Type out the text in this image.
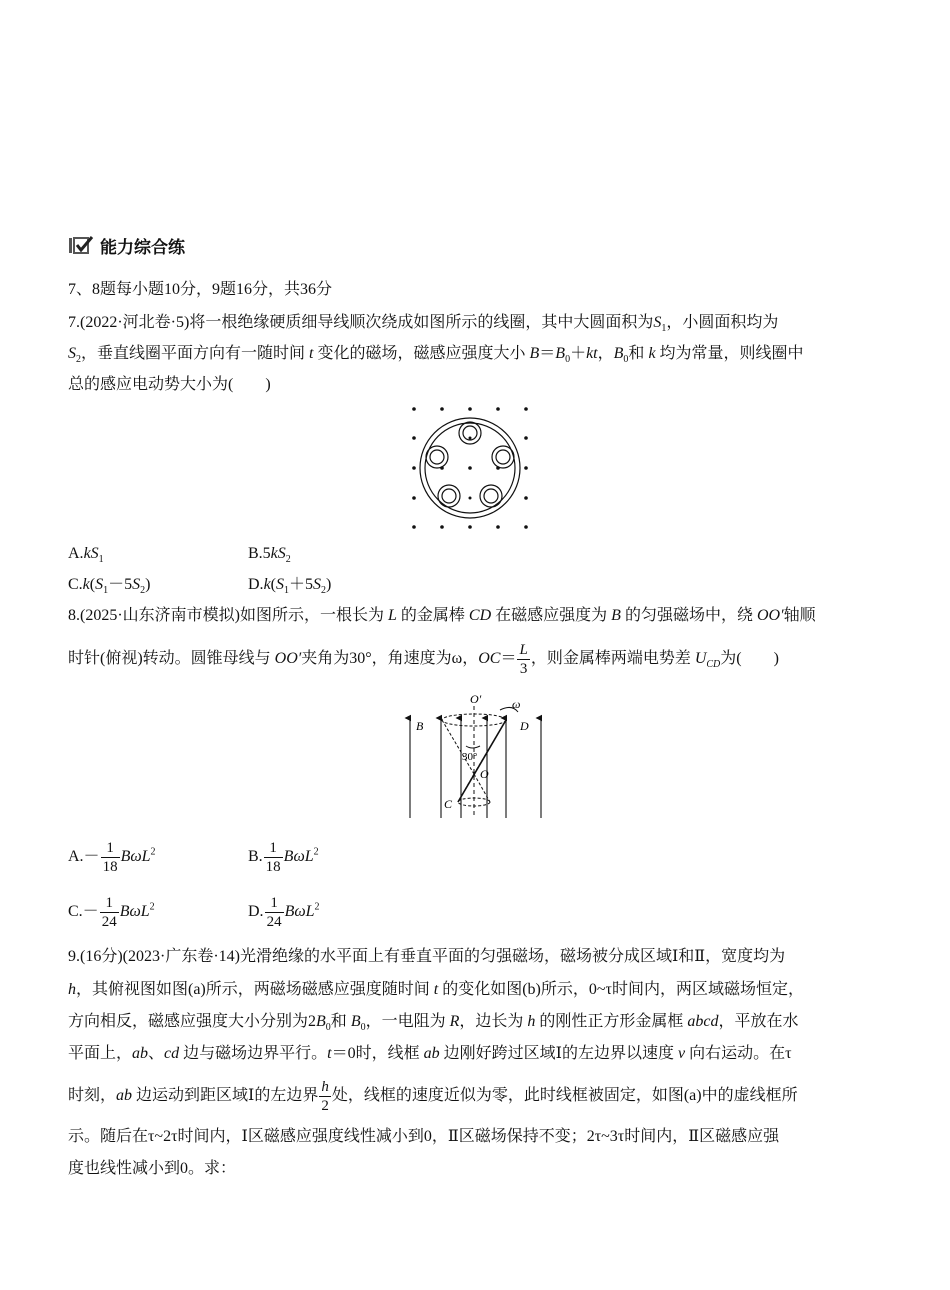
能力综合练
7、8题每小题10分，9题16分，共36分
7.(2022·河北卷·5)将一根绝缘硬质细导线顺次绕成如图所示的线圈，其中大圆面积为$S_1$，小圆面积均为
$S_2$，垂直线圈平面方向有一随时间 t 变化的磁场，磁感应强度大小 $B=B_0+kt$，$B_0$和 k 均为常量，则线圈中
总的感应电动势大小为(　　)
$A.kS_1$	$B.5kS_2$
$C.k(S_1-5S_2)$	$D.k(S_1+5S_2)$
8.(2025·山东济南市模拟)如图所示，一根长为 L 的金属棒 CD 在磁感应强度为 B 的匀强磁场中，绕 OO′轴顺
时针(俯视)转动。圆锥母线与 OO′夹角为30°，角速度为ω，$OC= \frac{L}{3}$ ，则金属棒两端电势差 $U_{CD}$为(　　)
O′	ω
30°
O
B
C
D
$A.- \frac{1}{18} B\omega L^2$	B. $\frac{1}{18} B\omega L^2$
$C.- \frac{1}{24} B\omega L^2$	D. $\frac{1}{24} B\omega L^2$
9.(16分)(2023·广东卷·14)光滑绝缘的水平面上有垂直平面的匀强磁场，磁场被分成区域Ⅰ和Ⅱ，宽度均为
h，其俯视图如图(a)所示，两磁场磁感应强度随时间 t 的变化如图(b)所示，0~τ时间内，两区域磁场恒定，
方向相反，磁感应强度大小分别为$2B_0$和 $B_0$，一电阻为 R，边长为 h 的刚性正方形金属框 abcd，平放在水
平面上，ab、cd 边与磁场边界平行。t＝0时，线框 ab 边刚好跨过区域Ⅰ的左边界以速度 v 向右运动。在τ
时刻，ab 边运动到距区域Ⅰ的左边界 $\frac{h}{2}$ 处，线框的速度近似为零，此时线框被固定，如图(a)中的虚线框所
示。随后在τ~2τ时间内，Ⅰ区磁感应强度线性减小到0，Ⅱ区磁场保持不变；2τ~3τ时间内，Ⅱ区磁感应强
度也线性减小到0。求：
